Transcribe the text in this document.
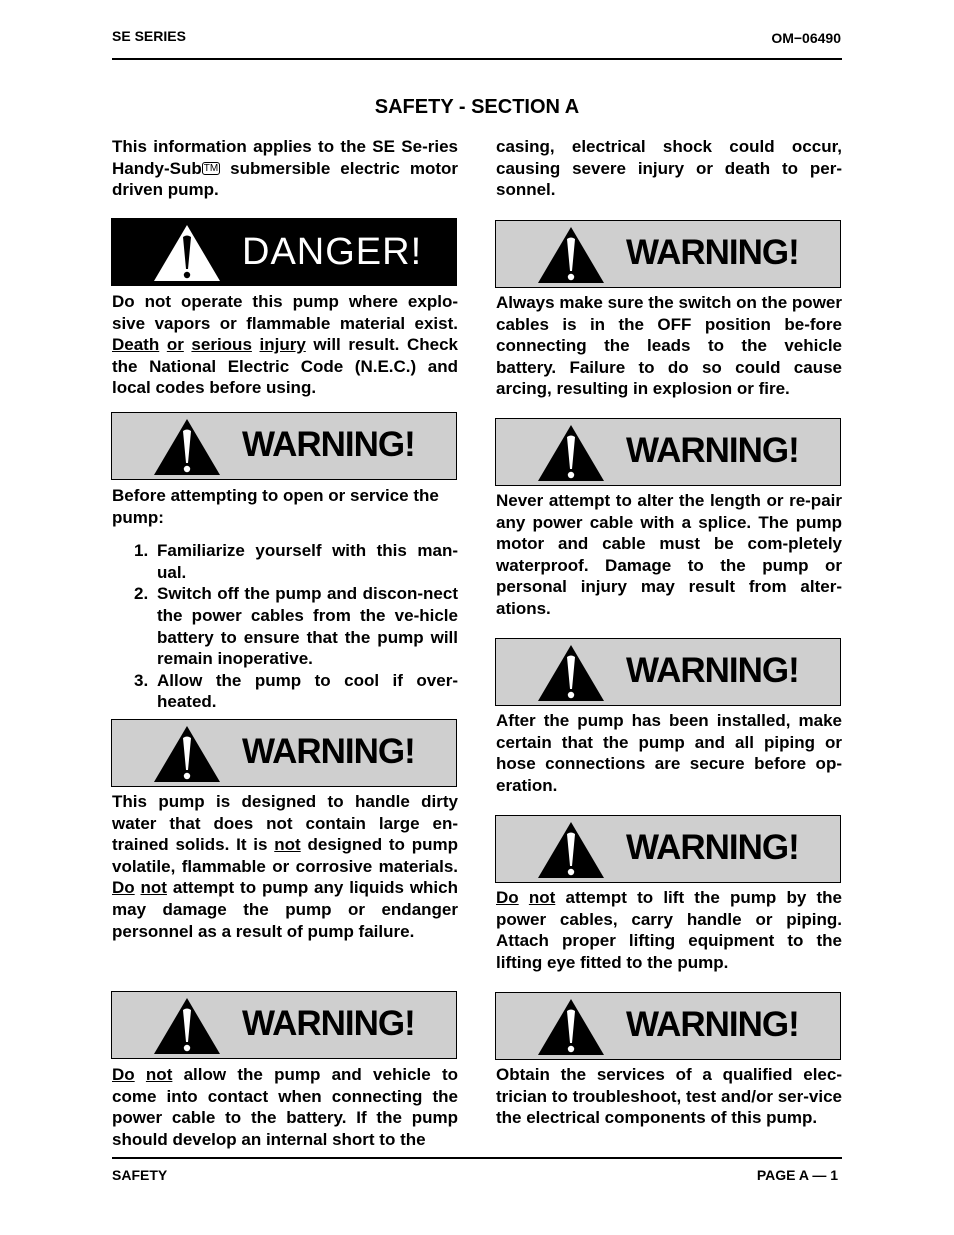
SE SERIES	OM−06490
SAFETY - SECTION A

This information applies to the SE Se-ries Handy-Sub TM submersible electric motor driven pump.

DANGER!

Do not operate this pump where explo-sive vapors or flammable material exist. Death or serious injury will result. Check the National Electric Code (N.E.C.) and local codes before using.

WARNING!

Before attempting to open or service the pump:

1. Familiarize yourself with this man-ual.
2. Switch off the pump and discon-nect the power cables from the ve-hicle battery to ensure that the pump will remain inoperative.
3. Allow the pump to cool if over-heated.
WARNING!

This pump is designed to handle dirty water that does not contain large en-trained solids. It is not designed to pump volatile, flammable or corrosive materials. Do not attempt to pump any liquids which may damage the pump or endanger personnel as a result of pump failure.

WARNING!

Do not allow the pump and vehicle to come into contact when connecting the power cable to the battery. If the pump should develop an internal short to the

casing, electrical shock could occur, causing severe injury or death to per-sonnel.

WARNING!

Always make sure the switch on the power cables is in the OFF position be-fore connecting the leads to the vehicle battery. Failure to do so could cause arcing, resulting in explosion or fire.

WARNING!

Never attempt to alter the length or re-pair any power cable with a splice. The pump motor and cable must be com-pletely waterproof. Damage to the pump or personal injury may result from alter-ations.

WARNING!

After the pump has been installed, make certain that the pump and all piping or hose connections are secure before op-eration.

WARNING!

Do not attempt to lift the pump by the power cables, carry handle or piping. Attach proper lifting equipment to the lifting eye fitted to the pump.

WARNING!

Obtain the services of a qualified elec-trician to troubleshoot, test and/or ser-vice the electrical components of this pump.

SAFETY	PAGE A — 1
